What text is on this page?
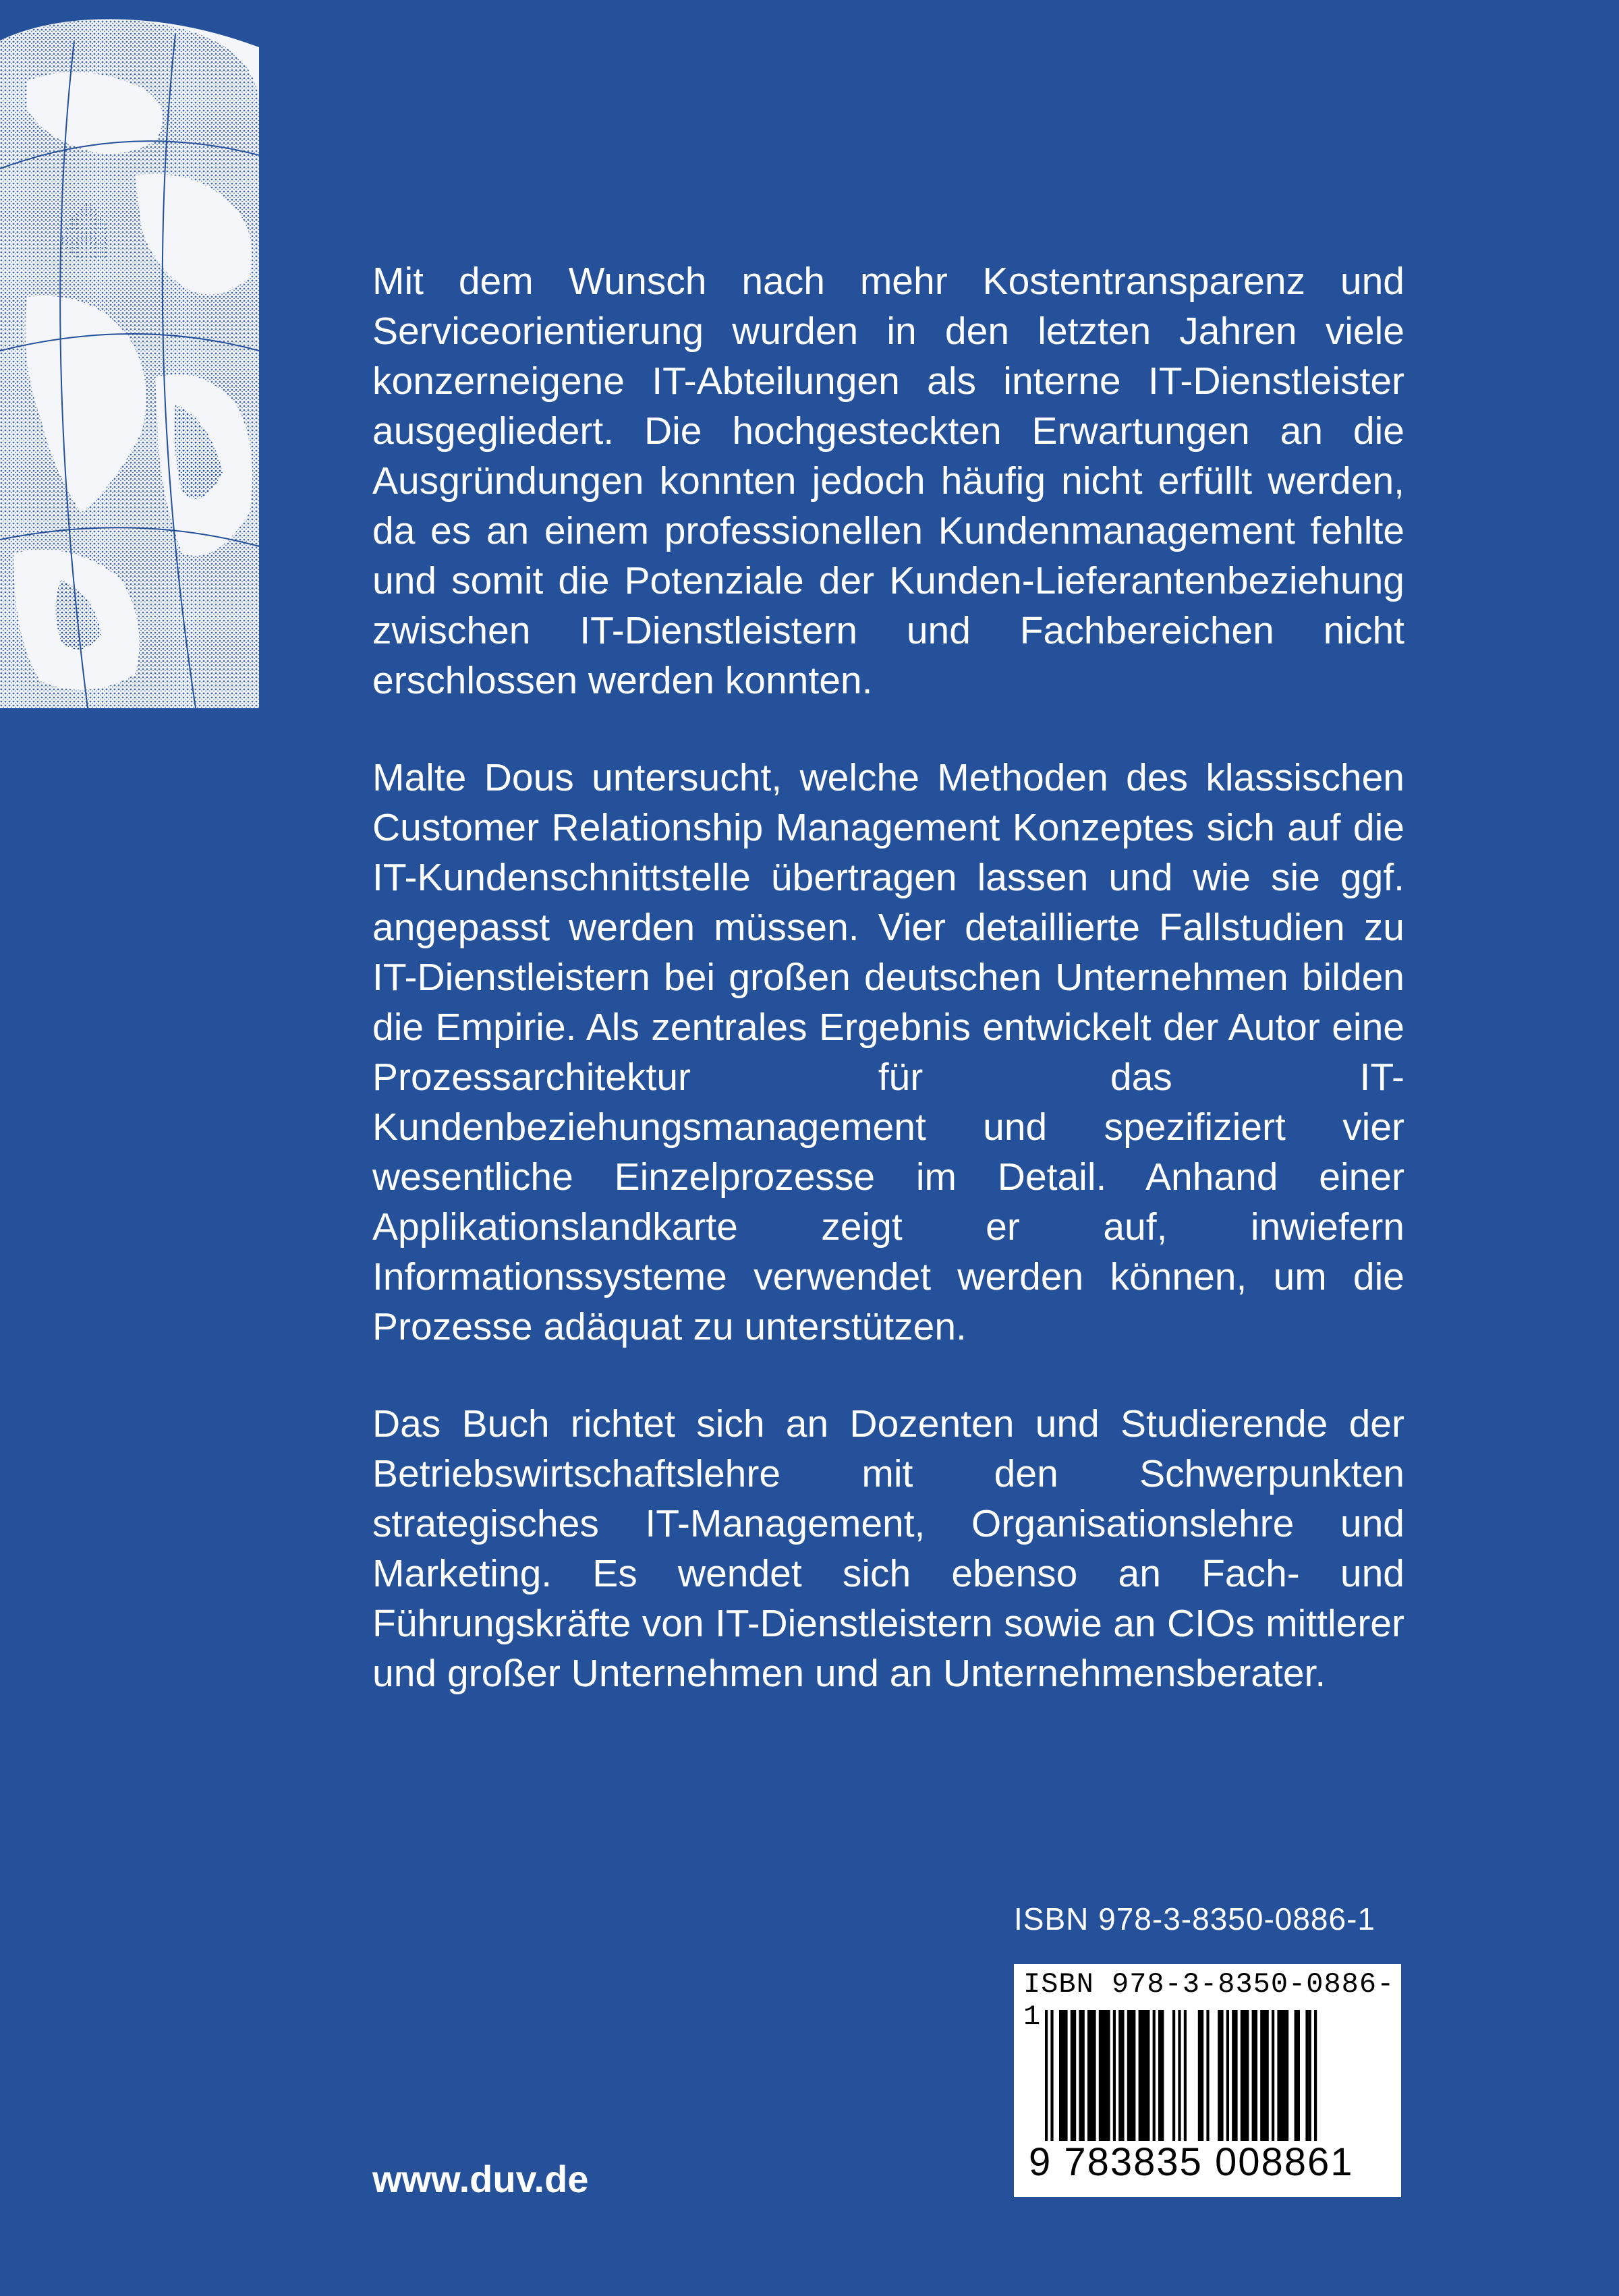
Mit dem Wunsch nach mehr Kostentransparenz und Serviceorientierung wurden in den letzten Jahren viele konzerneigene IT-Abteilungen als interne IT-Dienstleister ausgegliedert. Die hochgesteckten Erwartungen an die Ausgründungen konnten jedoch häufig nicht erfüllt werden, da es an einem professionellen Kundenmanagement fehlte und somit die Potenziale der Kunden-Lieferantenbeziehung zwischen IT-Dienstleistern und Fachbereichen nicht erschlossen werden konnten.

Malte Dous untersucht, welche Methoden des klassischen Customer Relationship Management Konzeptes sich auf die IT-Kundenschnittstelle übertragen lassen und wie sie ggf. angepasst werden müssen. Vier detaillierte Fallstudien zu IT-Dienstleistern bei großen deutschen Unternehmen bilden die Empirie. Als zentrales Ergebnis entwickelt der Autor eine Prozessarchitektur für das IT-Kundenbeziehungsmanagement und spezifiziert vier wesentliche Einzelprozesse im Detail. Anhand einer Applikationslandkarte zeigt er auf, inwiefern Informationssysteme verwendet werden können, um die Prozesse adäquat zu unterstützen.

Das Buch richtet sich an Dozenten und Studierende der Betriebswirtschaftslehre mit den Schwerpunkten strategisches IT-Management, Organisationslehre und Marketing. Es wendet sich ebenso an Fach- und Führungskräfte von IT-Dienstleistern sowie an CIOs mittlerer und großer Unternehmen und an Unternehmensberater.

ISBN 978-3-8350-0886-1
ISBN 978-3-8350-0886-1
9 783835 008861
www.duv.de
